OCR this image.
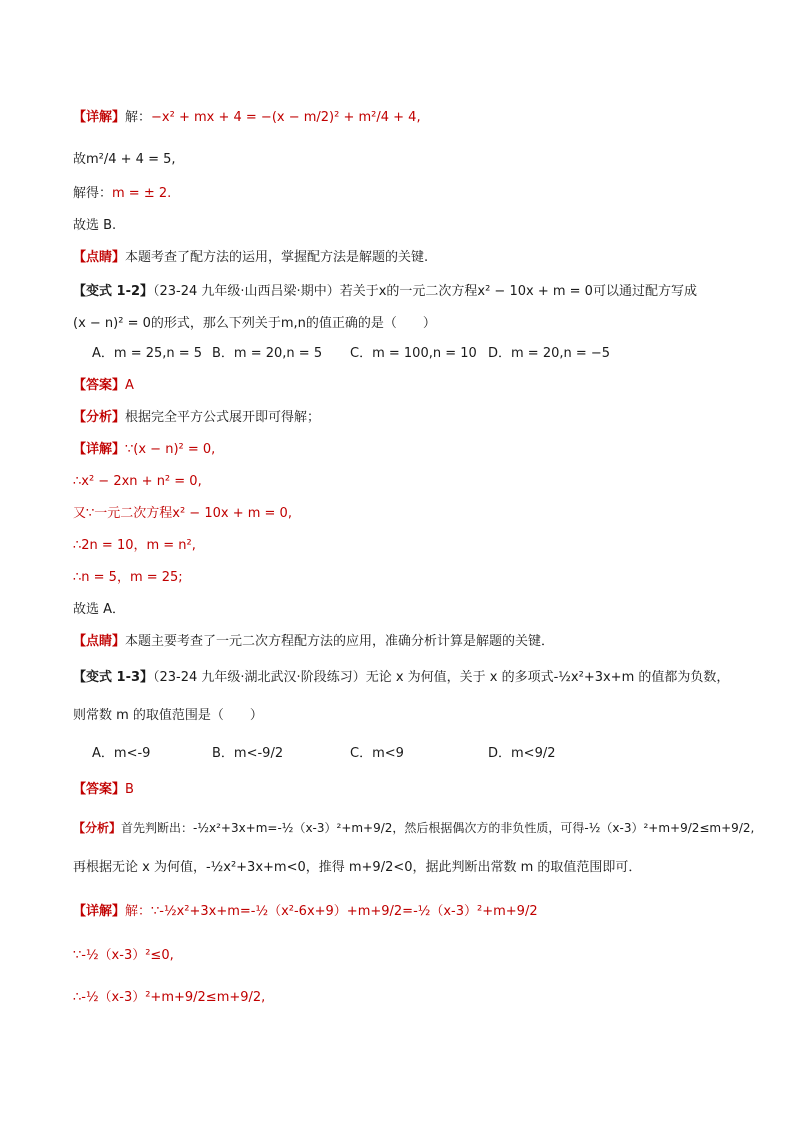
【详解】解：−x² + mx + 4 = −(x − m/2)² + m²/4 + 4,
故m²/4 + 4 = 5,
解得：m = ± 2.
故选 B.
【点睛】本题考查了配方法的运用，掌握配方法是解题的关键.
【变式 1-2】（23-24 九年级·山西吕梁·期中）若关于x的一元二次方程x² − 10x + m = 0可以通过配方写成
(x − n)² = 0的形式，那么下列关于m,n的值正确的是（　　）
A．m = 25,n = 5 B．m = 20,n = 5 C．m = 100,n = 10 D．m = 20,n = −5
【答案】A
【分析】根据完全平方公式展开即可得解；
【详解】∵(x − n)² = 0,
∴x² − 2xn + n² = 0,
又∵一元二次方程x² − 10x + m = 0,
∴2n = 10，m = n²,
∴n = 5，m = 25;
故选 A．
【点睛】本题主要考查了一元二次方程配方法的应用，准确分析计算是解题的关键．
【变式 1-3】（23-24 九年级·湖北武汉·阶段练习）无论 x 为何值，关于 x 的多项式-½x²+3x+m 的值都为负数，
则常数 m 的取值范围是（　　）
A．m<-9	B．m<-9/2	C．m<9	D．m<9/2
【答案】B
【分析】首先判断出：-½x²+3x+m=-½（x-3）²+m+9/2，然后根据偶次方的非负性质，可得-½（x-3）²+m+9/2≤m+9/2,
再根据无论 x 为何值，-½x²+3x+m<0，推得 m+9/2<0，据此判断出常数 m 的取值范围即可．
【详解】解：∵-½x²+3x+m=-½（x²-6x+9）+m+9/2=-½（x-3）²+m+9/2
∵-½（x-3）²≤0,
∴-½（x-3）²+m+9/2≤m+9/2,
